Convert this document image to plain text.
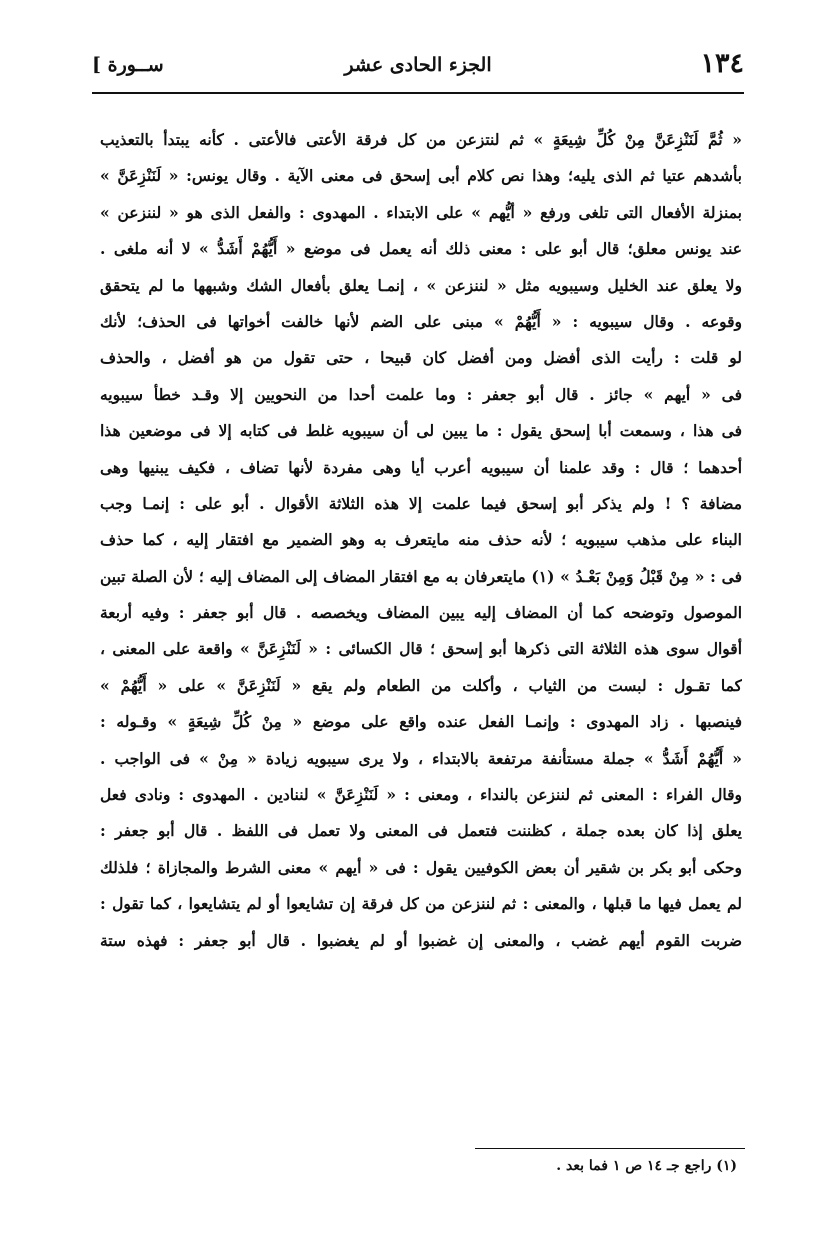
١٣٤
الجزء الحادى عشر
[ ســورة
« ثُمَّ لَنَنْزِعَنَّ مِنْ كُلِّ شِيعَةٍ » ثم لنتزعن من كل فرقة الأعتى فالأعتى . كأنه يبتدأ بالتعذيب
بأشدهم عتيا ثم الذى يليه؛ وهذا نص كلام أبى إسحق فى معنى الآية . وقال يونس: « لَنَنْزِعَنَّ »
بمنزلة الأفعال التى تلغى ورفع « أيُّهم » على الابتداء . المهدوى : والفعل الذى هو « لننزعن »
عند يونس معلق؛ قال أبو على : معنى ذلك أنه يعمل فى موضع « أَيُّهُمْ أَشَدُّ » لا أنه ملغى .
ولا يعلق عند الخليل وسيبويه مثل « لننزعن » ، إنمـا يعلق بأفعال الشك وشبهها ما لم يتحقق
وقوعه . وقال سيبويه : « أَيُّهُمْ » مبنى على الضم لأنها خالفت أخواتها فى الحذف؛ لأنك
لو قلت : رأيت الذى أفضل ومن أفضل كان قبيحا ، حتى تقول من هو أفضل ، والحذف
فى « أيهم » جائز . قال أبو جعفر : وما علمت أحدا من النحويين إلا وقـد خطأ سيبويه
فى هذا ، وسمعت أبا إسحق يقول : ما يبين لى أن سيبويه غلط فى كتابه إلا فى موضعين هذا
أحدهما ؛ قال : وقد علمنا أن سيبويه أعرب أيا وهى مفردة لأنها تضاف ، فكيف يبنيها وهى
مضافة ؟ ! ولم يذكر أبو إسحق فيما علمت إلا هذه الثلاثة الأقوال . أبو على : إنمـا وجب
البناء على مذهب سيبويه ؛ لأنه حذف منه مايتعرف به وهو الضمير مع افتقار إليه ، كما حذف
فى : « مِنْ قَبْلُ وَمِنْ بَعْـدُ » (١) مايتعرفان به مع افتقار المضاف إلى المضاف إليه ؛ لأن الصلة تبين
الموصول وتوضحه كما أن المضاف إليه يبين المضاف ويخصصه . قال أبو جعفر : وفيه أربعة
أقوال سوى هذه الثلاثة التى ذكرها أبو إسحق ؛ قال الكسائى : « لَنَنْزِعَنَّ » واقعة على المعنى ،
كما تقـول : لبست من الثياب ، وأكلت من الطعام ولم يقع « لَنَنْزِعَنَّ » على « أَيُّهُمْ »
فينصبها . زاد المهدوى : وإنمـا الفعل عنده واقع على موضع « مِنْ كُلِّ شِيعَةٍ » وقـوله :
« أَيُّهُمْ أَشَدُّ » جملة مستأنفة مرتفعة بالابتداء ، ولا يرى سيبويه زيادة « مِنْ » فى الواجب .
وقال الفراء : المعنى ثم لننزعن بالنداء ، ومعنى : « لَنَنْزِعَنَّ » لننادين . المهدوى : ونادى فعل
يعلق إذا كان بعده جملة ، كظننت فتعمل فى المعنى ولا تعمل فى اللفظ . قال أبو جعفر :
وحكى أبو بكر بن شقير أن بعض الكوفيين يقول : فى « أيهم » معنى الشرط والمجازاة ؛ فلذلك
لم يعمل فيها ما قبلها ، والمعنى : ثم لننزعن من كل فرقة إن تشايعوا أو لم يتشايعوا ، كما تقول :
ضربت القوم أيهم غضب ، والمعنى إن غضبوا أو لم يغضبوا . قال أبو جعفر : فهذه ستة
(١) راجع جـ ١٤ ص ١ فما بعد .
